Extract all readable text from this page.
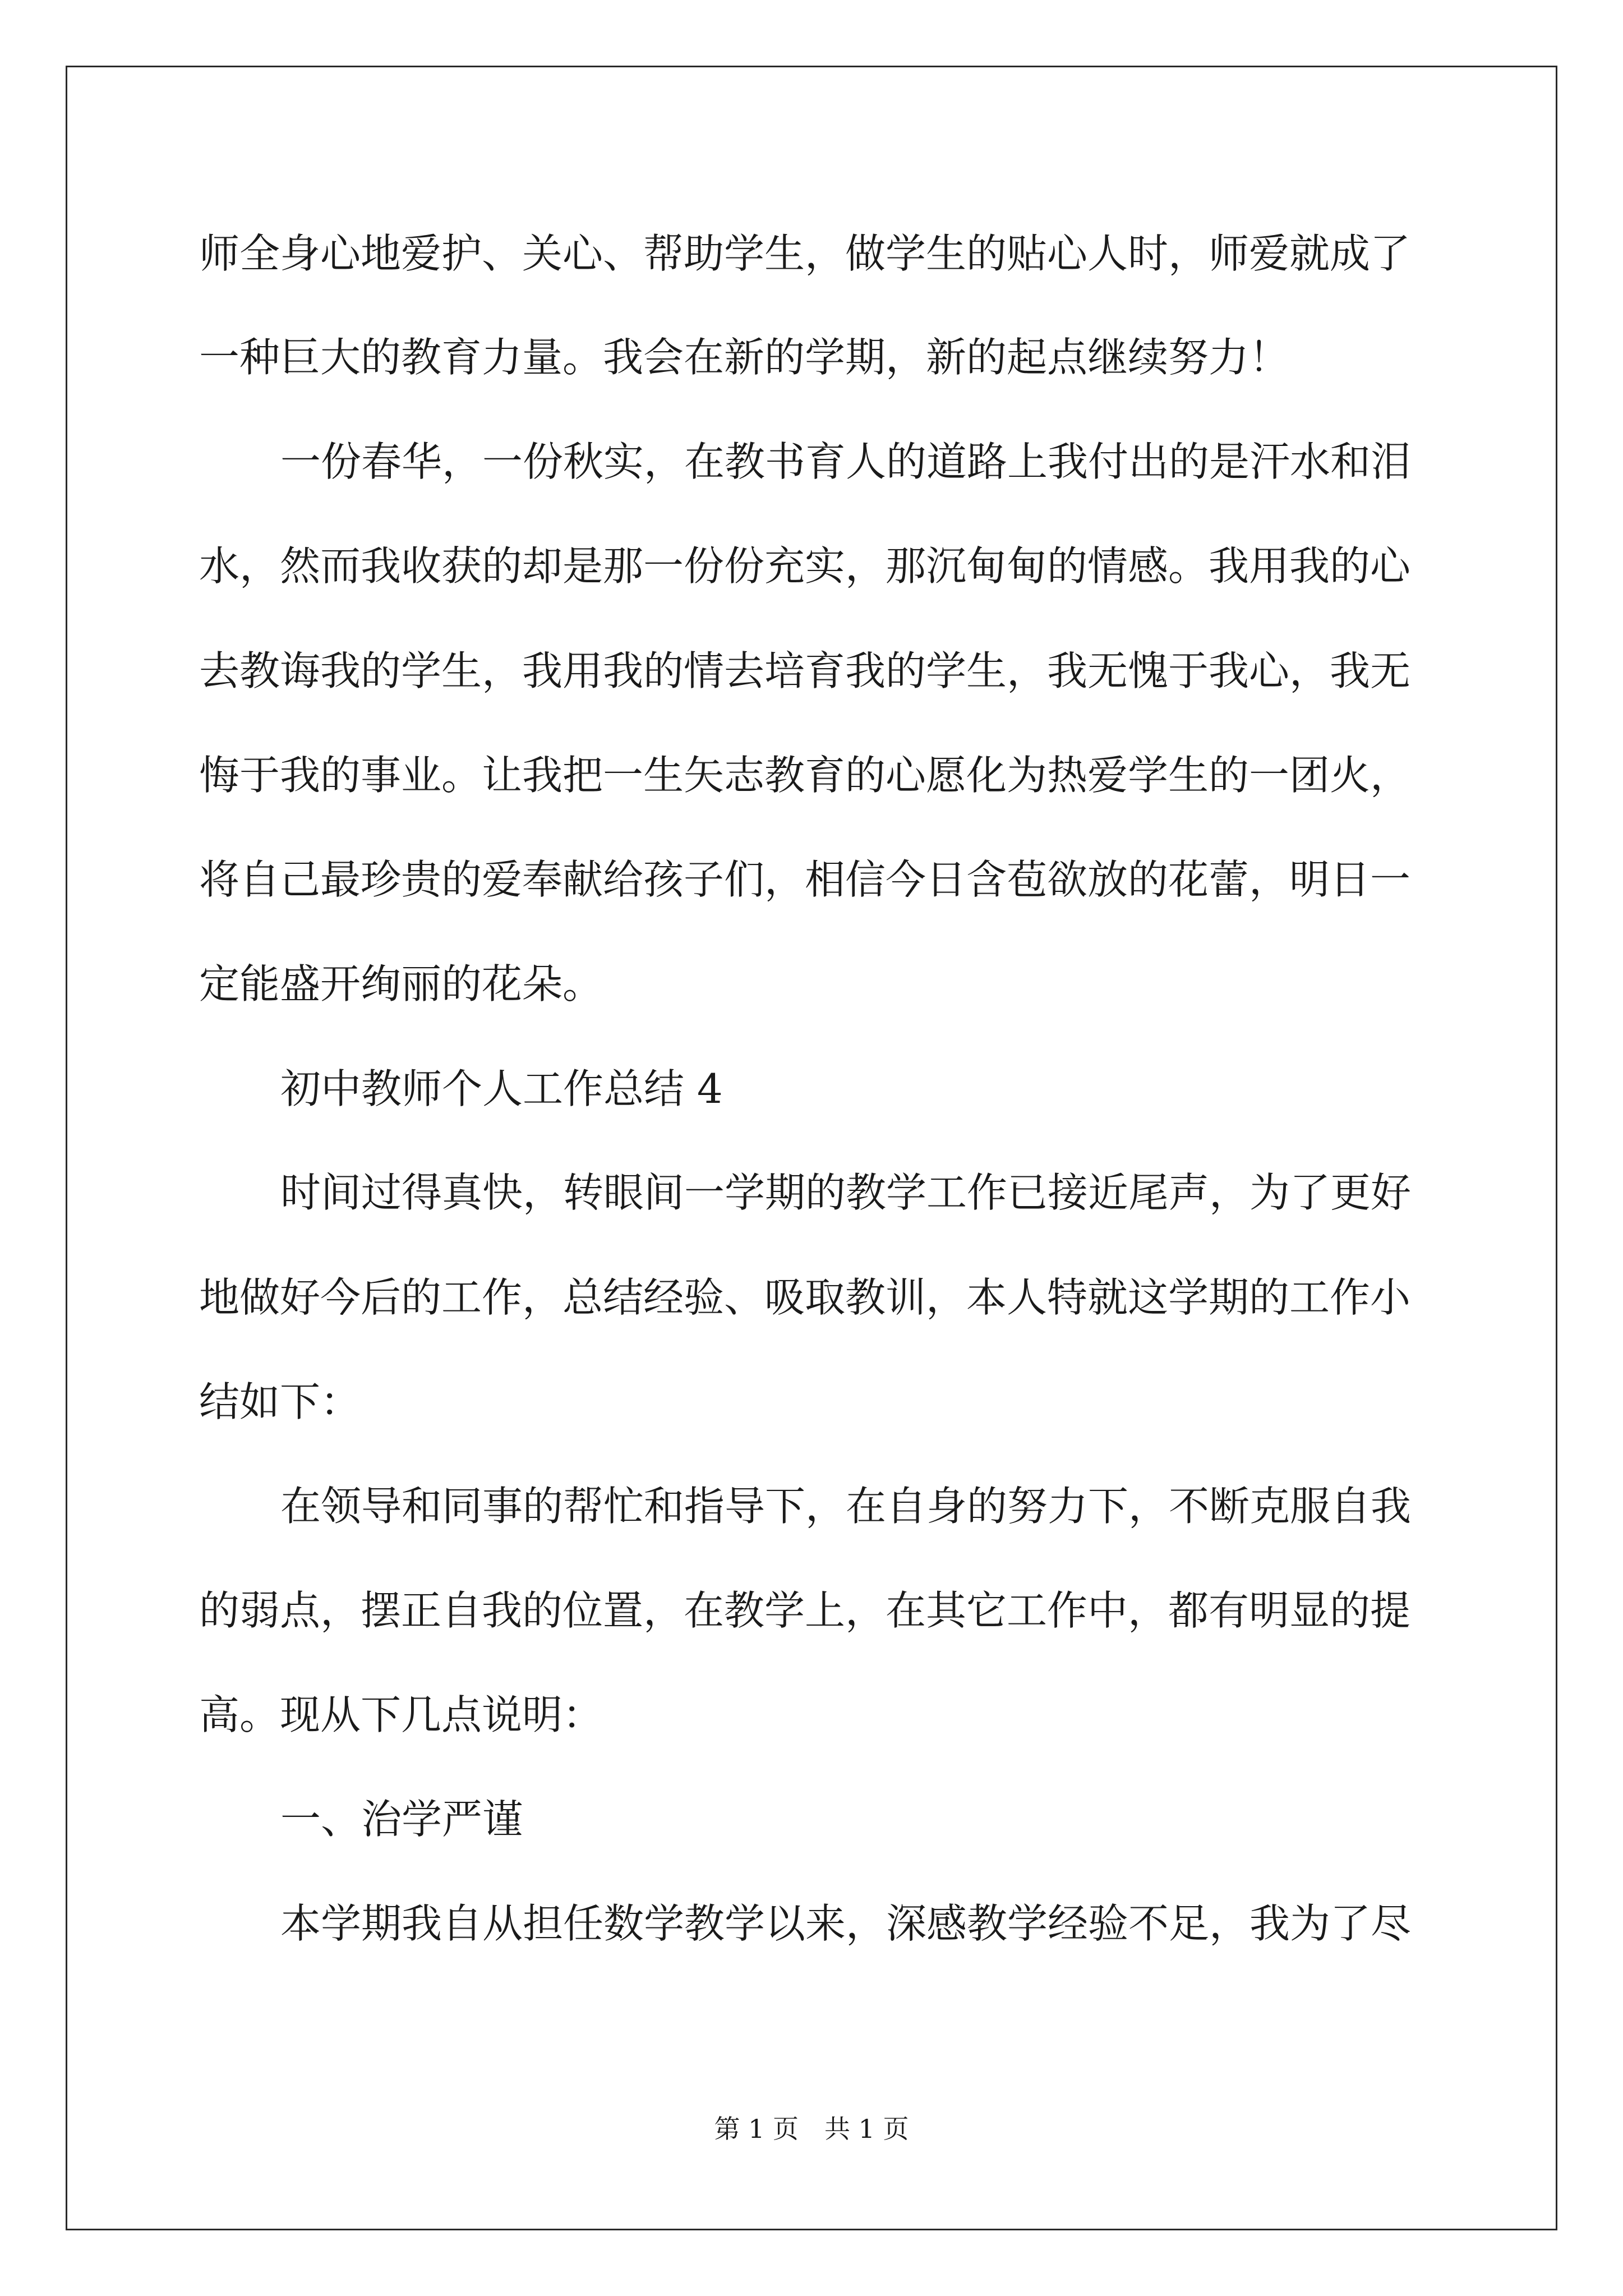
师全身心地爱护、关心、帮助学生，做学生的贴心人时，师爱就成了

一种巨大的教育力量。我会在新的学期，新的起点继续努力！

一份春华，一份秋实，在教书育人的道路上我付出的是汗水和泪

水，然而我收获的却是那一份份充实，那沉甸甸的情感。我用我的心

去教诲我的学生，我用我的情去培育我的学生，我无愧于我心，我无

悔于我的事业。让我把一生矢志教育的心愿化为热爱学生的一团火，

将自己最珍贵的爱奉献给孩子们，相信今日含苞欲放的花蕾，明日一

定能盛开绚丽的花朵。

初中教师个人工作总结 4

时间过得真快，转眼间一学期的教学工作已接近尾声，为了更好

地做好今后的工作，总结经验、吸取教训，本人特就这学期的工作小

结如下：

在领导和同事的帮忙和指导下，在自身的努力下，不断克服自我

的弱点，摆正自我的位置，在教学上，在其它工作中，都有明显的提

高。现从下几点说明：

一、治学严谨

本学期我自从担任数学教学以来，深感教学经验不足，我为了尽

第 1 页　共 1 页
